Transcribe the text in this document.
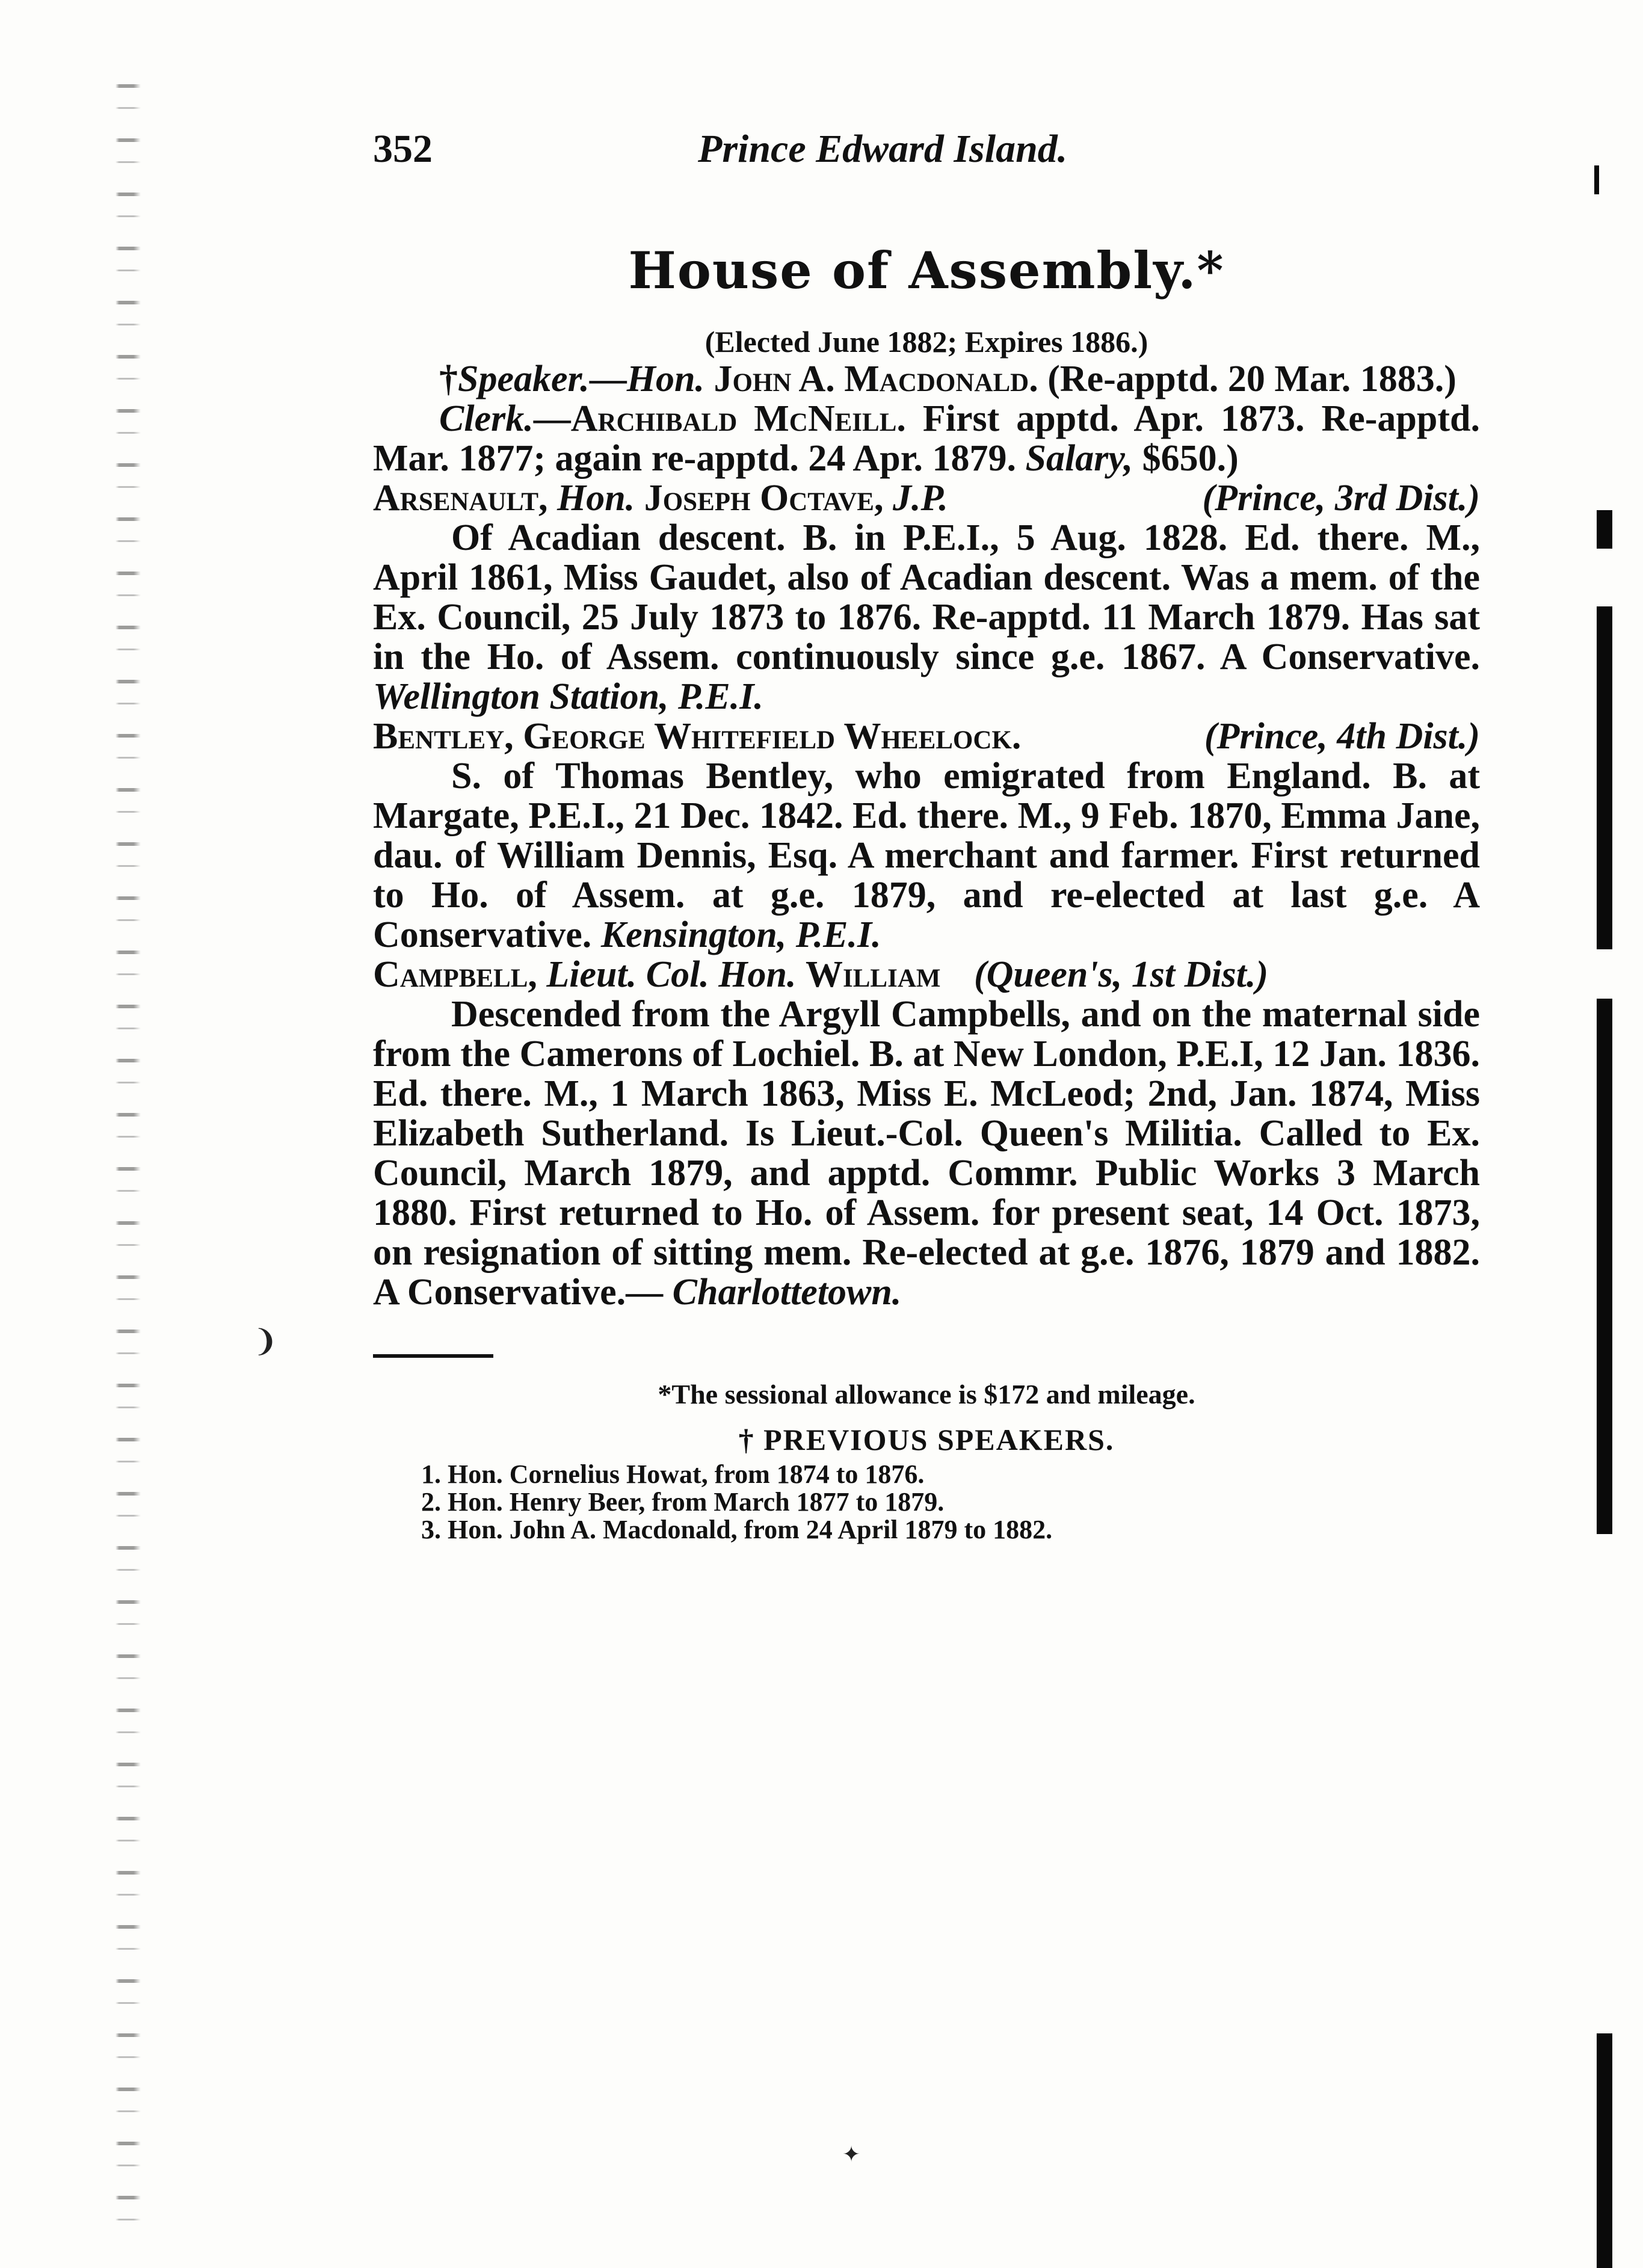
352	Prince Edward Island.
House of Assembly.*
(Elected June 1882; Expires 1886.)

†Speaker.—Hon. John A. Macdonald. (Re-apptd. 20 Mar. 1883.)

Clerk.—Archibald McNeill. First apptd. Apr. 1873. Re-apptd. Mar. 1877; again re-apptd. 24 Apr. 1879. Salary, $650.)

Arsenault, Hon. Joseph Octave, J.P.	(Prince, 3rd Dist.)

Of Acadian descent. B. in P.E.I., 5 Aug. 1828. Ed. there. M., April 1861, Miss Gaudet, also of Acadian descent. Was a mem. of the Ex. Council, 25 July 1873 to 1876. Re-apptd. 11 March 1879. Has sat in the Ho. of Assem. continuously since g.e. 1867. A Conservative. Wellington Station, P.E.I.

Bentley, George Whitefield Wheelock.	(Prince, 4th Dist.)

S. of Thomas Bentley, who emigrated from England. B. at Margate, P.E.I., 21 Dec. 1842. Ed. there. M., 9 Feb. 1870, Emma Jane, dau. of William Dennis, Esq. A merchant and farmer. First returned to Ho. of Assem. at g.e. 1879, and re-elected at last g.e. A Conservative. Kensington, P.E.I.

Campbell, Lieut. Col. Hon. William (Queen's, 1st Dist.)

Descended from the Argyll Campbells, and on the maternal side from the Camerons of Lochiel. B. at New London, P.E.I, 12 Jan. 1836. Ed. there. M., 1 March 1863, Miss E. McLeod; 2nd, Jan. 1874, Miss Elizabeth Sutherland. Is Lieut.-Col. Queen's Militia. Called to Ex. Council, March 1879, and apptd. Commr. Public Works 3 March 1880. First returned to Ho. of Assem. for present seat, 14 Oct. 1873, on resignation of sitting mem. Re-elected at g.e. 1876, 1879 and 1882. A Conservative.— Charlottetown.

*The sessional allowance is $172 and mileage.
† PREVIOUS SPEAKERS.
1. Hon. Cornelius Howat, from 1874 to 1876.
2. Hon. Henry Beer, from March 1877 to 1879.
3. Hon. John A. Macdonald, from 24 April 1879 to 1882.
❩
✦
